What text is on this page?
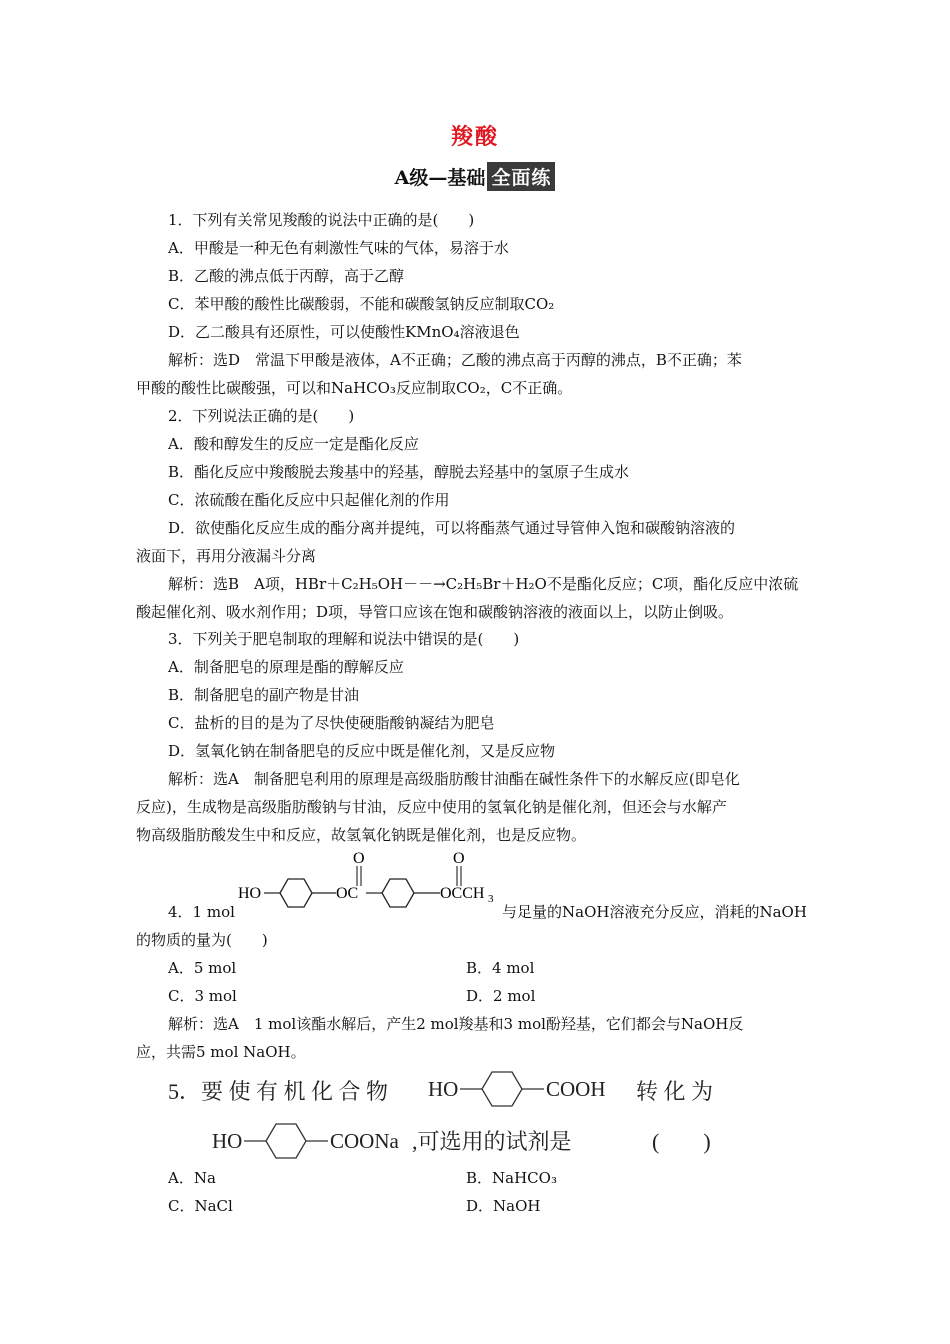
羧酸
A级—基础 全面练
1．下列有关常见羧酸的说法中正确的是(　　)
A．甲酸是一种无色有刺激性气味的气体，易溶于水
B．乙酸的沸点低于丙醇，高于乙醇
C．苯甲酸的酸性比碳酸弱，不能和碳酸氢钠反应制取CO₂
D．乙二酸具有还原性，可以使酸性KMnO₄溶液退色
解析：选D　常温下甲酸是液体，A不正确；乙酸的沸点高于丙醇的沸点，B不正确；苯
甲酸的酸性比碳酸强，可以和NaHCO₃反应制取CO₂，C不正确。
2．下列说法正确的是(　　)
A．酸和醇发生的反应一定是酯化反应
B．酯化反应中羧酸脱去羧基中的羟基，醇脱去羟基中的氢原子生成水
C．浓硫酸在酯化反应中只起催化剂的作用
D．欲使酯化反应生成的酯分离并提纯，可以将酯蒸气通过导管伸入饱和碳酸钠溶液的
液面下，再用分液漏斗分离
解析：选B　A项，HBr＋C₂H₅OH－－→C₂H₅Br＋H₂O不是酯化反应；C项，酯化反应中浓硫
酸起催化剂、吸水剂作用；D项，导管口应该在饱和碳酸钠溶液的液面以上，以防止倒吸。
3．下列关于肥皂制取的理解和说法中错误的是(　　)
A．制备肥皂的原理是酯的醇解反应
B．制备肥皂的副产物是甘油
C．盐析的目的是为了尽快使硬脂酸钠凝结为肥皂
D．氢氧化钠在制备肥皂的反应中既是催化剂，又是反应物
解析：选A　制备肥皂利用的原理是高级脂肪酸甘油酯在碱性条件下的水解反应(即皂化
反应)，生成物是高级脂肪酸钠与甘油，反应中使用的氢氧化钠是催化剂，但还会与水解产
物高级脂肪酸发生中和反应，故氢氧化钠既是催化剂，也是反应物。
4．1 mol
HO	OC
O
OCCH 3
O
与足量的NaOH溶液充分反应，消耗的NaOH
的物质的量为(　　)
A．5 mol	B．4 mol
C．3 mol	D．2 mol
解析：选A　1 mol该酯水解后，产生2 mol羧基和3 mol酚羟基，它们都会与NaOH反
应，共需5 mol NaOH。
5．要 使 有 机 化 合 物 HO	COOH 转 化 为
HO	COONa ,可选用的试剂是	(　　)
A．Na	B．NaHCO₃
C．NaCl	D．NaOH
